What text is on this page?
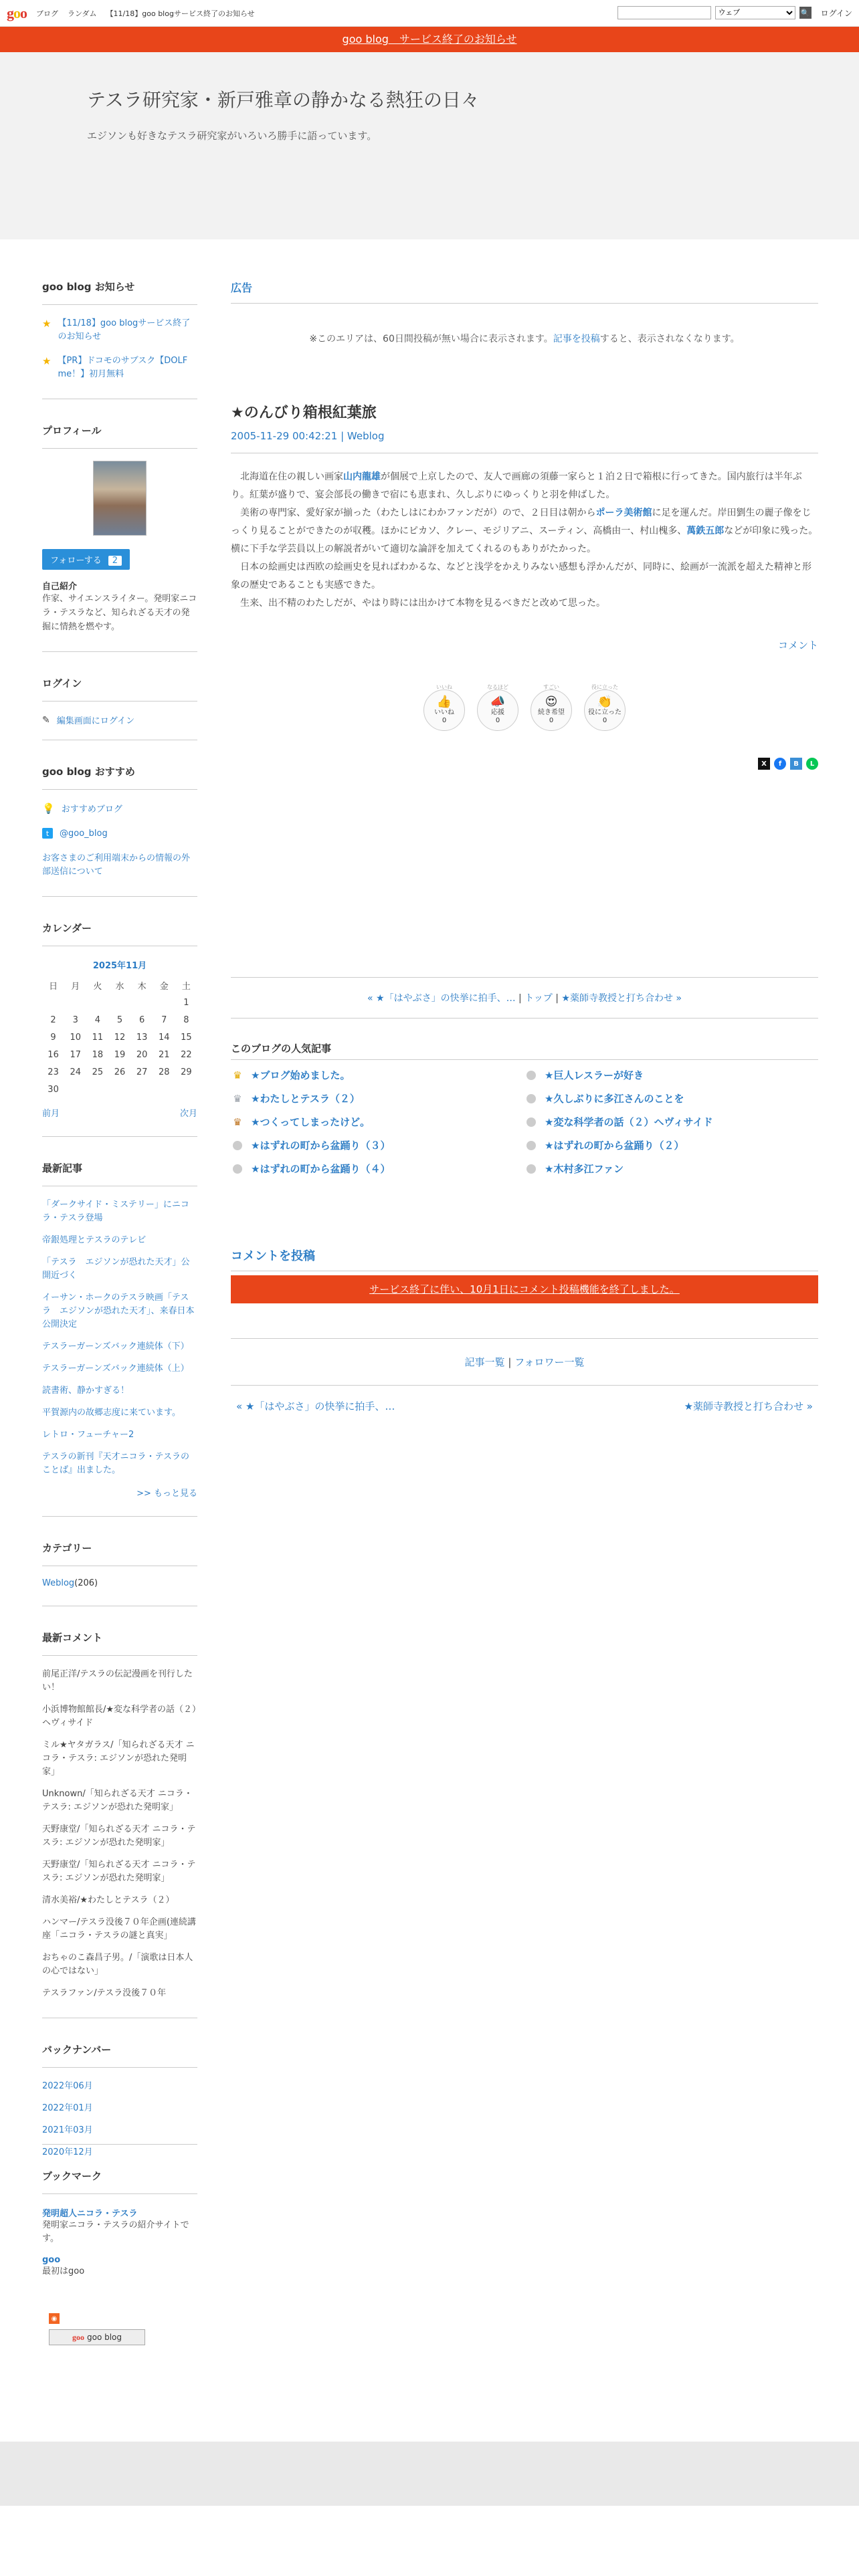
goo ブログ ランダム 【11/18】goo blogサービス終了のお知らせ
ウェブ	🔍 ログイン
goo blog　サービス終了のお知らせ
テスラ研究家・新戸雅章の静かなる熱狂の日々
エジソンも好きなテスラ研究家がいろいろ勝手に語っています。
goo blog お知らせ
★ 【11/18】goo blogサービス終了のお知らせ
★ 【PR】ドコモのサブスク【DOLF me！】初月無料
プロフィール
フォローする 2
自己紹介
作家、サイエンスライター。発明家ニコラ・テスラなど、知られざる天才の発掘に情熱を燃やす。
ログイン
✎ 編集画面にログイン
goo blog おすすめ
💡 おすすめブログ
t	@goo_blog
お客さまのご利用端末からの情報の外部送信について
カレンダー
2025年11月
日	月	火	水	木	金	土
						1
2	3	4	5	6	7	8
9	10	11	12	13	14	15
16	17	18	19	20	21	22
23	24	25	26	27	28	29
30						
前月	次月
最新記事
「ダークサイド・ミステリー」にニコラ・テスラ登場
帝銀処理とテスラのテレビ
「テスラ　エジソンが恐れた天才」公開近づく
イーサン・ホークのテスラ映画「テスラ　エジソンが恐れた天才」、来春日本公開決定
テスラーガーンズバック連続体（下）
テスラーガーンズバック連続体（上）
読書術、静かすぎる！
平賀源内の故郷志度に来ています。
レトロ・フューチャー2
テスラの新刊『天才ニコラ・テスラのことば』出ました。
>> もっと見る
カテゴリー
Weblog(206)
最新コメント
前尾正洋/テスラの伝記漫画を刊行したい！
小浜博物館館長/★変な科学者の話（２）ヘヴィサイド
ミル★ヤタガラス/「知られざる天才 ニコラ・テスラ: エジソンが恐れた発明家」
Unknown/「知られざる天才 ニコラ・テスラ: エジソンが恐れた発明家」
天野康堂/「知られざる天才 ニコラ・テスラ: エジソンが恐れた発明家」
天野康堂/「知られざる天才 ニコラ・テスラ: エジソンが恐れた発明家」
清水美裕/★わたしとテスラ（２）
ハンマー/テスラ没後７０年企画(連続講座「ニコラ・テスラの謎と真実」
おちゃのこ森昌子男。/「演歌は日本人の心ではない」
テスラファン/テスラ没後７０年
バックナンバー
2022年06月
2022年01月
2021年03月
2020年12月
ブックマーク
発明超人ニコラ・テスラ
発明家ニコラ・テスラの紹介サイトです。
goo
最初はgoo
◉
goo goo blog
広告
※このエリアは、60日間投稿が無い場合に表示されます。記事を投稿すると、表示されなくなります。
★のんびり箱根紅葉旅
2005-11-29 00:42:21 | Weblog

北海道在住の親しい画家山内龍雄が個展で上京したので、友人で画廊の須藤一家らと１泊２日で箱根に行ってきた。国内旅行は半年ぶり。紅葉が盛りで、宴会部長の働きで宿にも恵まれ、久しぶりにゆっくりと羽を伸ばした。

美術の専門家、愛好家が揃った（わたしはにわかファンだが）ので、２日目は朝からポーラ美術館に足を運んだ。岸田劉生の麗子像をじっくり見ることができたのが収穫。ほかにピカソ、クレー、モジリアニ、スーティン、高橋由一、村山槐多、萬鉄五郎などが印象に残った。横に下手な学芸員以上の解説者がいて適切な論評を加えてくれるのもありがたかった。

日本の絵画史は西欧の絵画史を見ればわかるな、などと浅学をかえりみない感想も浮かんだが、同時に、絵画が一流派を超えた精神と形象の歴史であることも実感できた。

生来、出不精のわたしだが、やはり時には出かけて本物を見るべきだと改めて思った。

コメント
いいね
👍
いいね
0
なるほど
📣
応援
0
すごい
😍
続き希望
0
役に立った
👏
役に立った
0
X	f	B	L
« ★「はやぶさ」の快挙に拍手、… | トップ | ★薬師寺教授と打ち合わせ »
このブログの人気記事
♛ ★ブログ始めました。	★巨人レスラーが好き
♛ ★わたしとテスラ（２）	★久しぶりに多江さんのことを
♛ ★つくってしまったけど。	★変な科学者の話（２）ヘヴィサイド
★はずれの町から盆踊り（３）	★はずれの町から盆踊り（２）
★はずれの町から盆踊り（４）	★木村多江ファン
コメントを投稿
サービス終了に伴い、10月1日にコメント投稿機能を終了しました。
記事一覧 | フォロワー一覧
« ★「はやぶさ」の快挙に拍手、…	★薬師寺教授と打ち合わせ »
